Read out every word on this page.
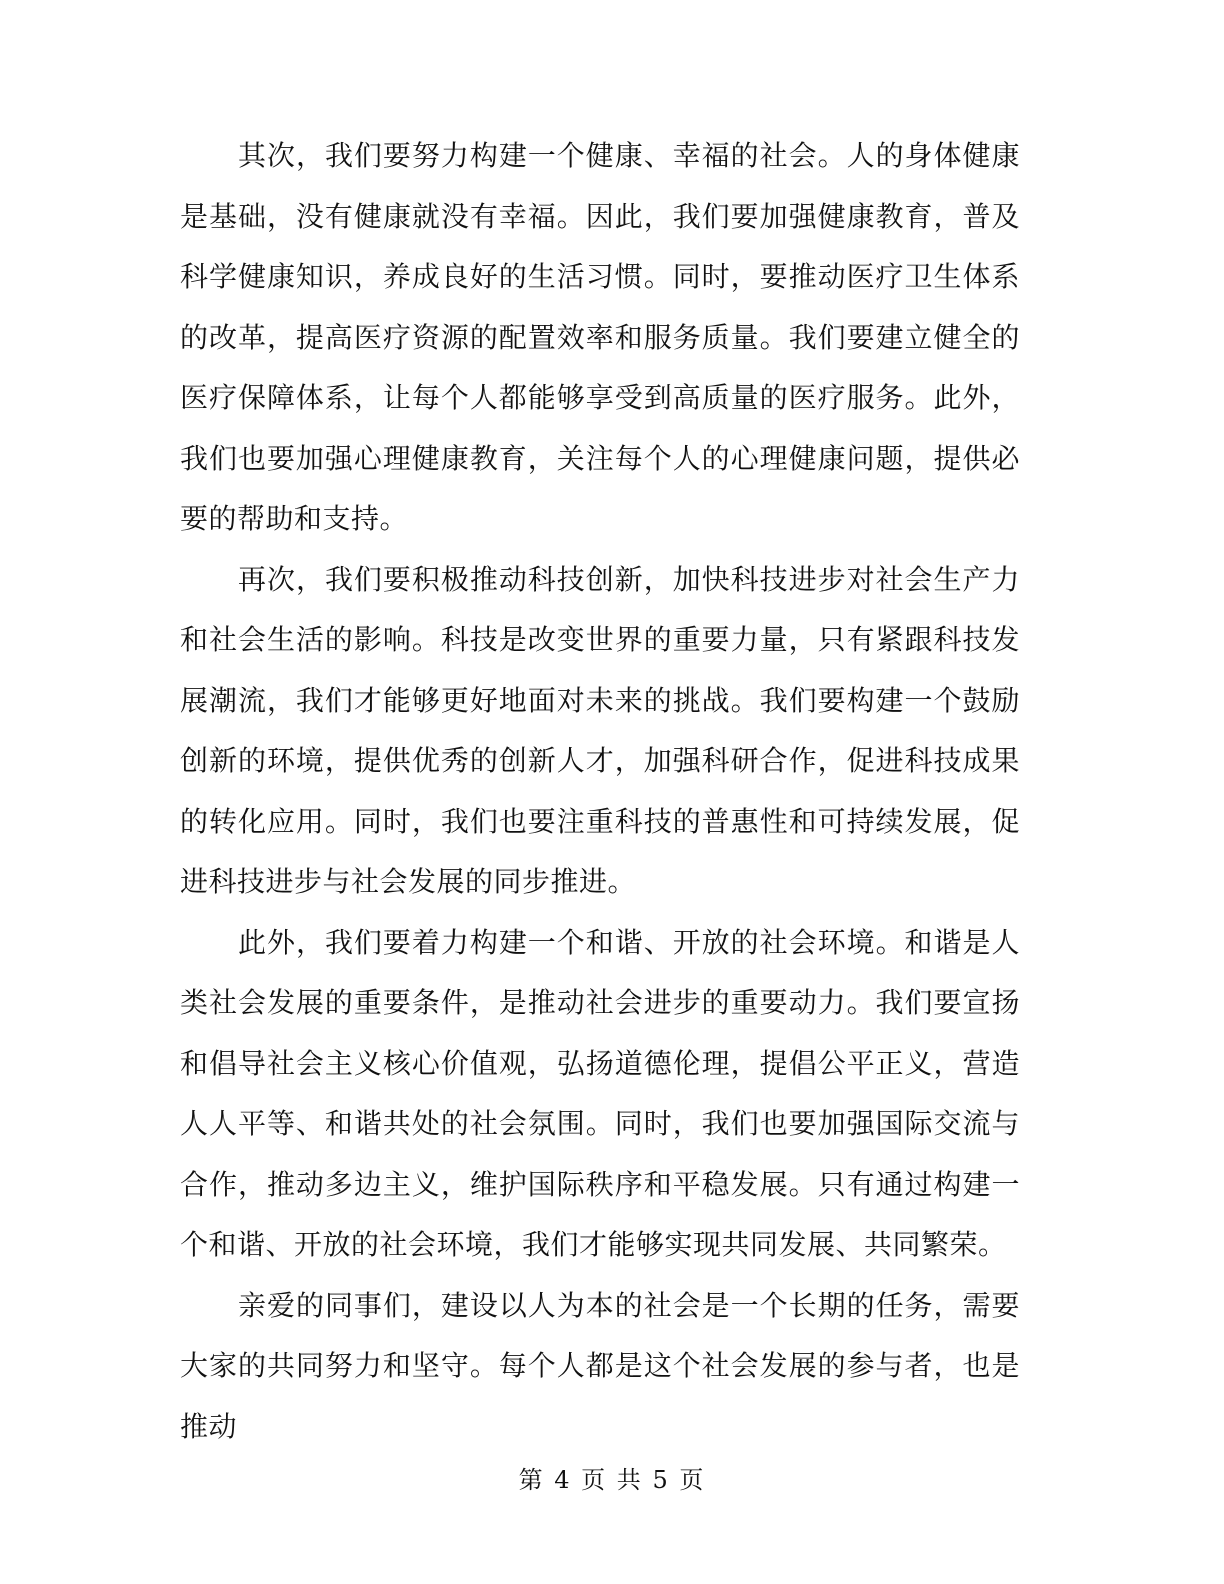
其次，我们要努力构建一个健康、幸福的社会。人的身体健康是基础，没有健康就没有幸福。因此，我们要加强健康教育，普及科学健康知识，养成良好的生活习惯。同时，要推动医疗卫生体系的改革，提高医疗资源的配置效率和服务质量。我们要建立健全的医疗保障体系，让每个人都能够享受到高质量的医疗服务。此外，我们也要加强心理健康教育，关注每个人的心理健康问题，提供必要的帮助和支持。

再次，我们要积极推动科技创新，加快科技进步对社会生产力和社会生活的影响。科技是改变世界的重要力量，只有紧跟科技发展潮流，我们才能够更好地面对未来的挑战。我们要构建一个鼓励创新的环境，提供优秀的创新人才，加强科研合作，促进科技成果的转化应用。同时，我们也要注重科技的普惠性和可持续发展，促进科技进步与社会发展的同步推进。

此外，我们要着力构建一个和谐、开放的社会环境。和谐是人类社会发展的重要条件，是推动社会进步的重要动力。我们要宣扬和倡导社会主义核心价值观，弘扬道德伦理，提倡公平正义，营造人人平等、和谐共处的社会氛围。同时，我们也要加强国际交流与合作，推动多边主义，维护国际秩序和平稳发展。只有通过构建一个和谐、开放的社会环境，我们才能够实现共同发展、共同繁荣。

亲爱的同事们，建设以人为本的社会是一个长期的任务，需要大家的共同努力和坚守。每个人都是这个社会发展的参与者，也是推动

第 4 页 共 5 页
